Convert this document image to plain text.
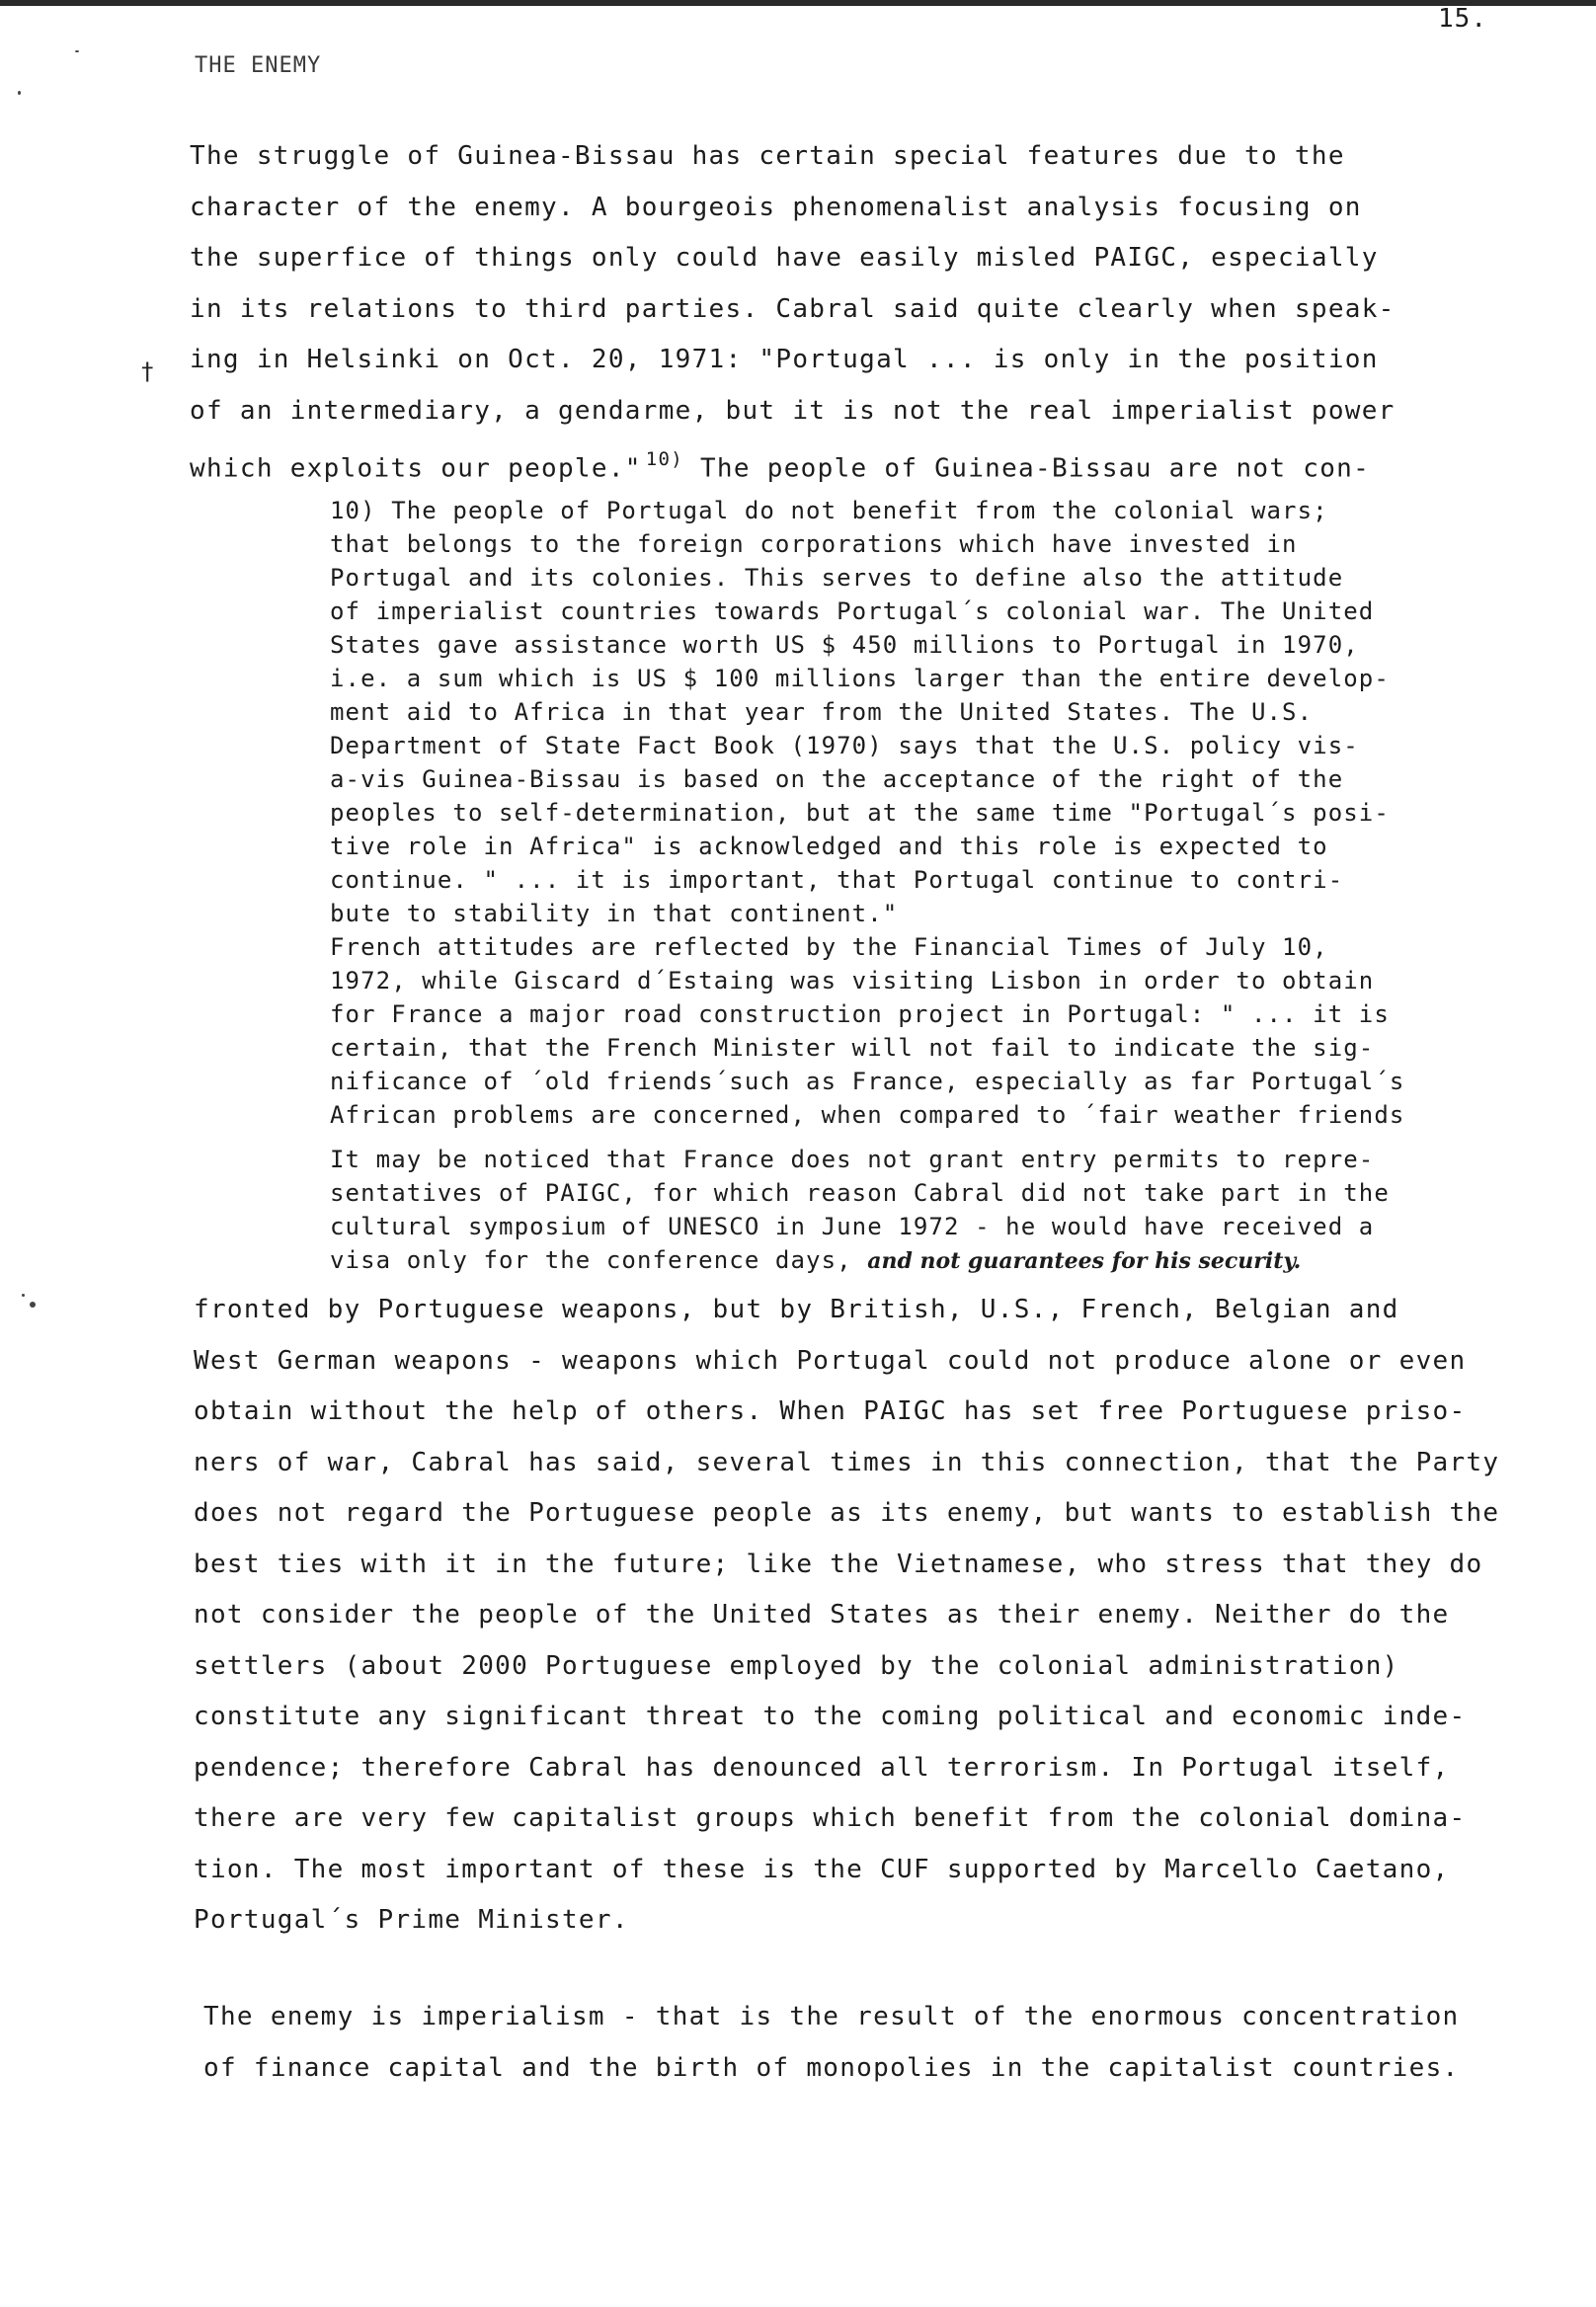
15.
THE ENEMY
†
The struggle of Guinea-Bissau has certain special features due to the
character of the enemy. A bourgeois phenomenalist analysis focusing on
the superfice of things only could have easily misled PAIGC, especially
in its relations to third parties. Cabral said quite clearly when speak-
ing in Helsinki on Oct. 20, 1971: "Portugal ... is only in the position
of an intermediary, a gendarme, but it is not the real imperialist power
which exploits our people." $^{10)}$ The people of Guinea-Bissau are not con-
10) The people of Portugal do not benefit from the colonial wars;
that belongs to the foreign corporations which have invested in
Portugal and its colonies. This serves to define also the attitude
of imperialist countries towards Portugal´s colonial war. The United
States gave assistance worth US $ 450 millions to Portugal in 1970,
i.e. a sum which is US $ 100 millions larger than the entire develop-
ment aid to Africa in that year from the United States. The U.S.
Department of State Fact Book (1970) says that the U.S. policy vis-
a-vis Guinea-Bissau is based on the acceptance of the right of the
peoples to self-determination, but at the same time "Portugal´s posi-
tive role in Africa" is acknowledged and this role is expected to
continue. " ... it is important, that Portugal continue to contri-
bute to stability in that continent."
French attitudes are reflected by the Financial Times of July 10,
1972, while Giscard d´Estaing was visiting Lisbon in order to obtain
for France a major road construction project in Portugal: " ... it is
certain, that the French Minister will not fail to indicate the sig-
nificance of ´old friends´such as France, especially as far Portugal´s
African problems are concerned, when compared to ´fair weather friends
It may be noticed that France does not grant entry permits to repre-
sentatives of PAIGC, for which reason Cabral did not take part in the
cultural symposium of UNESCO in June 1972 - he would have received a
visa only for the conference days, and not guarantees for his security.
fronted by Portuguese weapons, but by British, U.S., French, Belgian and
West German weapons - weapons which Portugal could not produce alone or even
obtain without the help of others. When PAIGC has set free Portuguese priso-
ners of war, Cabral has said, several times in this connection, that the Party
does not regard the Portuguese people as its enemy, but wants to establish the
best ties with it in the future; like the Vietnamese, who stress that they do
not consider the people of the United States as their enemy. Neither do the
settlers (about 2000 Portuguese employed by the colonial administration)
constitute any significant threat to the coming political and economic inde-
pendence; therefore Cabral has denounced all terrorism. In Portugal itself,
there are very few capitalist groups which benefit from the colonial domina-
tion. The most important of these is the CUF supported by Marcello Caetano,
Portugal´s Prime Minister.
The enemy is imperialism - that is the result of the enormous concentration
of finance capital and the birth of monopolies in the capitalist countries.
